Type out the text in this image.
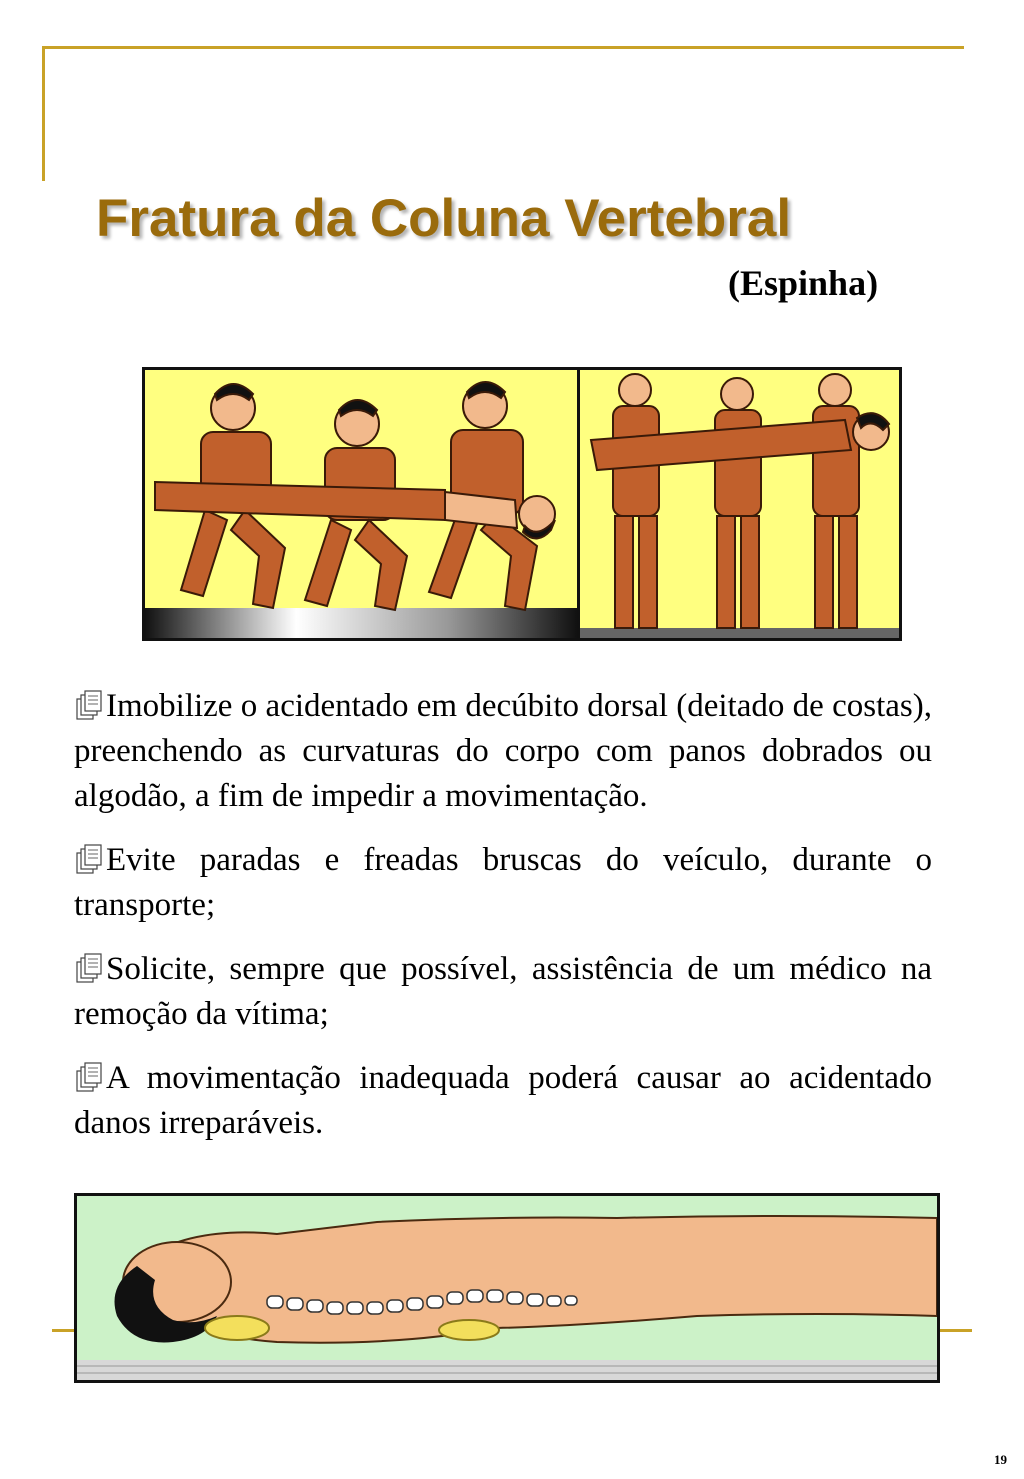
Fratura da Coluna Vertebral
(Espinha)
Imobilize o acidentado em decúbito dorsal (deitado de costas), preenchendo as curvaturas do corpo com panos dobrados ou algodão, a fim de impedir a movimentação.
Evite paradas e freadas bruscas do veículo, durante o transporte;
Solicite, sempre que possível, assistência de um médico na remoção da vítima;
A movimentação inadequada poderá causar ao acidentado danos irreparáveis.
19
